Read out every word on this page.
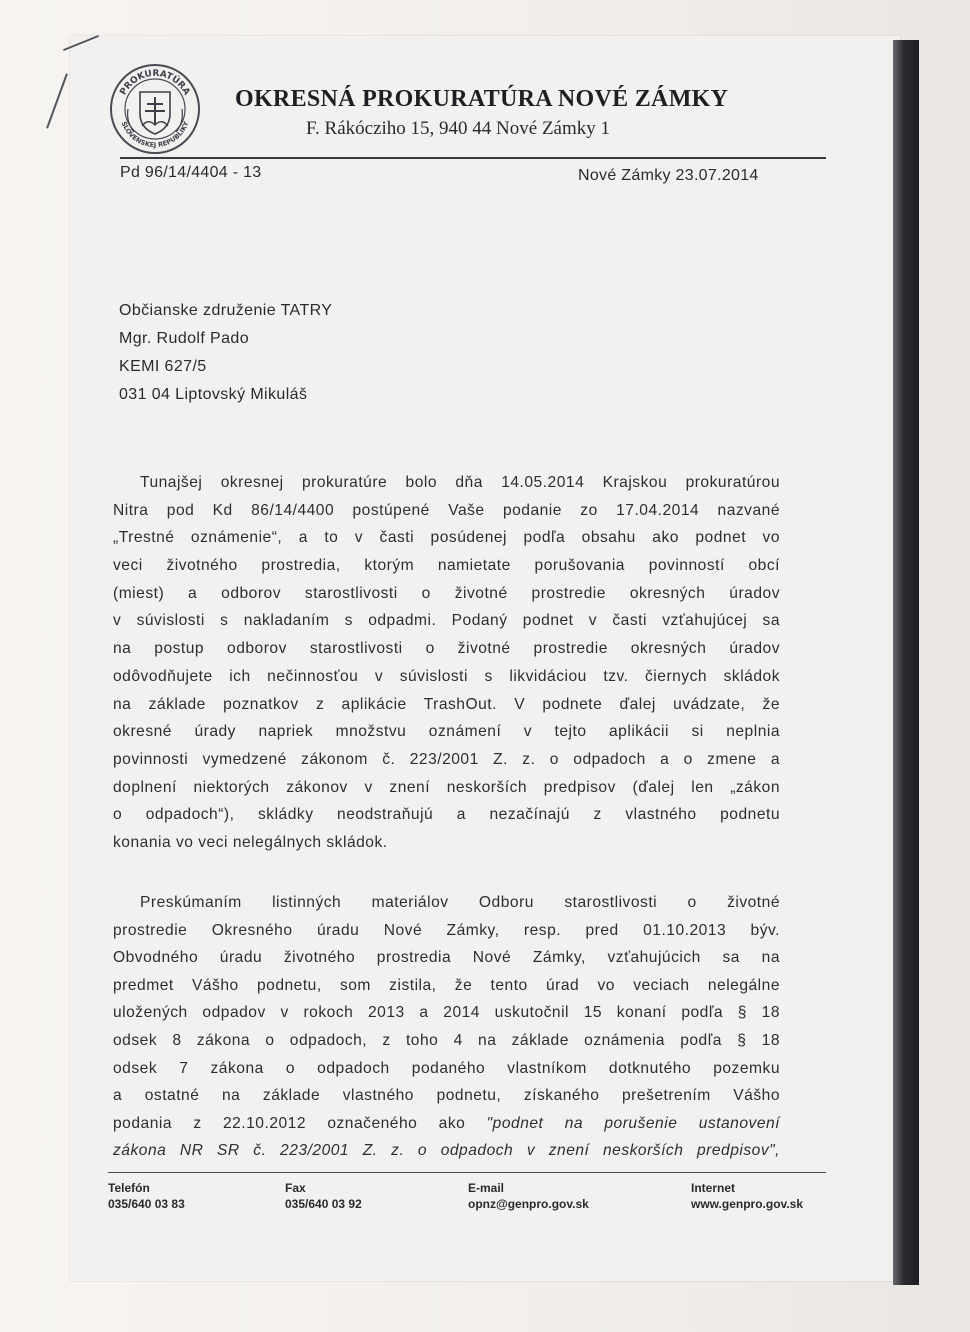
PROKURATÚRA
SLOVENSKEJ REPUBLIKY
OKRESNÁ PROKURATÚRA NOVÉ ZÁMKY
F. Rákócziho 15, 940 44 Nové Zámky 1
Pd 96/14/4404 - 13	Nové Zámky 23.07.2014
Občianske združenie TATRY
Mgr. Rudolf Pado
KEMI 627/5
031 04 Liptovský Mikuláš
Tunajšej okresnej prokuratúre bolo dňa 14.05.2014 Krajskou prokuratúrou
Nitra pod Kd 86/14/4400 postúpené Vaše podanie zo 17.04.2014 nazvané
„Trestné oznámenie“, a to v časti posúdenej podľa obsahu ako podnet vo
veci životného prostredia, ktorým namietate porušovania povinností obcí
(miest) a odborov starostlivosti o životné prostredie okresných úradov
v súvislosti s nakladaním s odpadmi. Podaný podnet v časti vzťahujúcej sa
na postup odborov starostlivosti o životné prostredie okresných úradov
odôvodňujete ich nečinnosťou v súvislosti s likvidáciou tzv. čiernych skládok
na základe poznatkov z aplikácie TrashOut. V podnete ďalej uvádzate, že
okresné úrady napriek množstvu oznámení v tejto aplikácii si neplnia
povinnosti vymedzené zákonom č. 223/2001 Z. z. o odpadoch a o zmene a
doplnení niektorých zákonov v znení neskorších predpisov (ďalej len „zákon
o odpadoch“), skládky neodstraňujú a nezačínajú z vlastného podnetu
konania vo veci nelegálnych skládok.
Preskúmaním listinných materiálov Odboru starostlivosti o životné
prostredie Okresného úradu Nové Zámky, resp. pred 01.10.2013 býv.
Obvodného úradu životného prostredia Nové Zámky, vzťahujúcich sa na
predmet Vášho podnetu, som zistila, že tento úrad vo veciach nelegálne
uložených odpadov v rokoch 2013 a 2014 uskutočnil 15 konaní podľa § 18
odsek 8 zákona o odpadoch, z toho 4 na základe oznámenia podľa § 18
odsek 7 zákona o odpadoch podaného vlastníkom dotknutého pozemku
a ostatné na základe vlastného podnetu, získaného prešetrením Vášho
podania z 22.10.2012 označeného ako "podnet na porušenie ustanovení
zákona NR SR č. 223/2001 Z. z. o odpadoch v znení neskorších predpisov",
Telefón
035/640 03 83
Fax
035/640 03 92
E-mail
opnz@genpro.gov.sk
Internet
www.genpro.gov.sk
